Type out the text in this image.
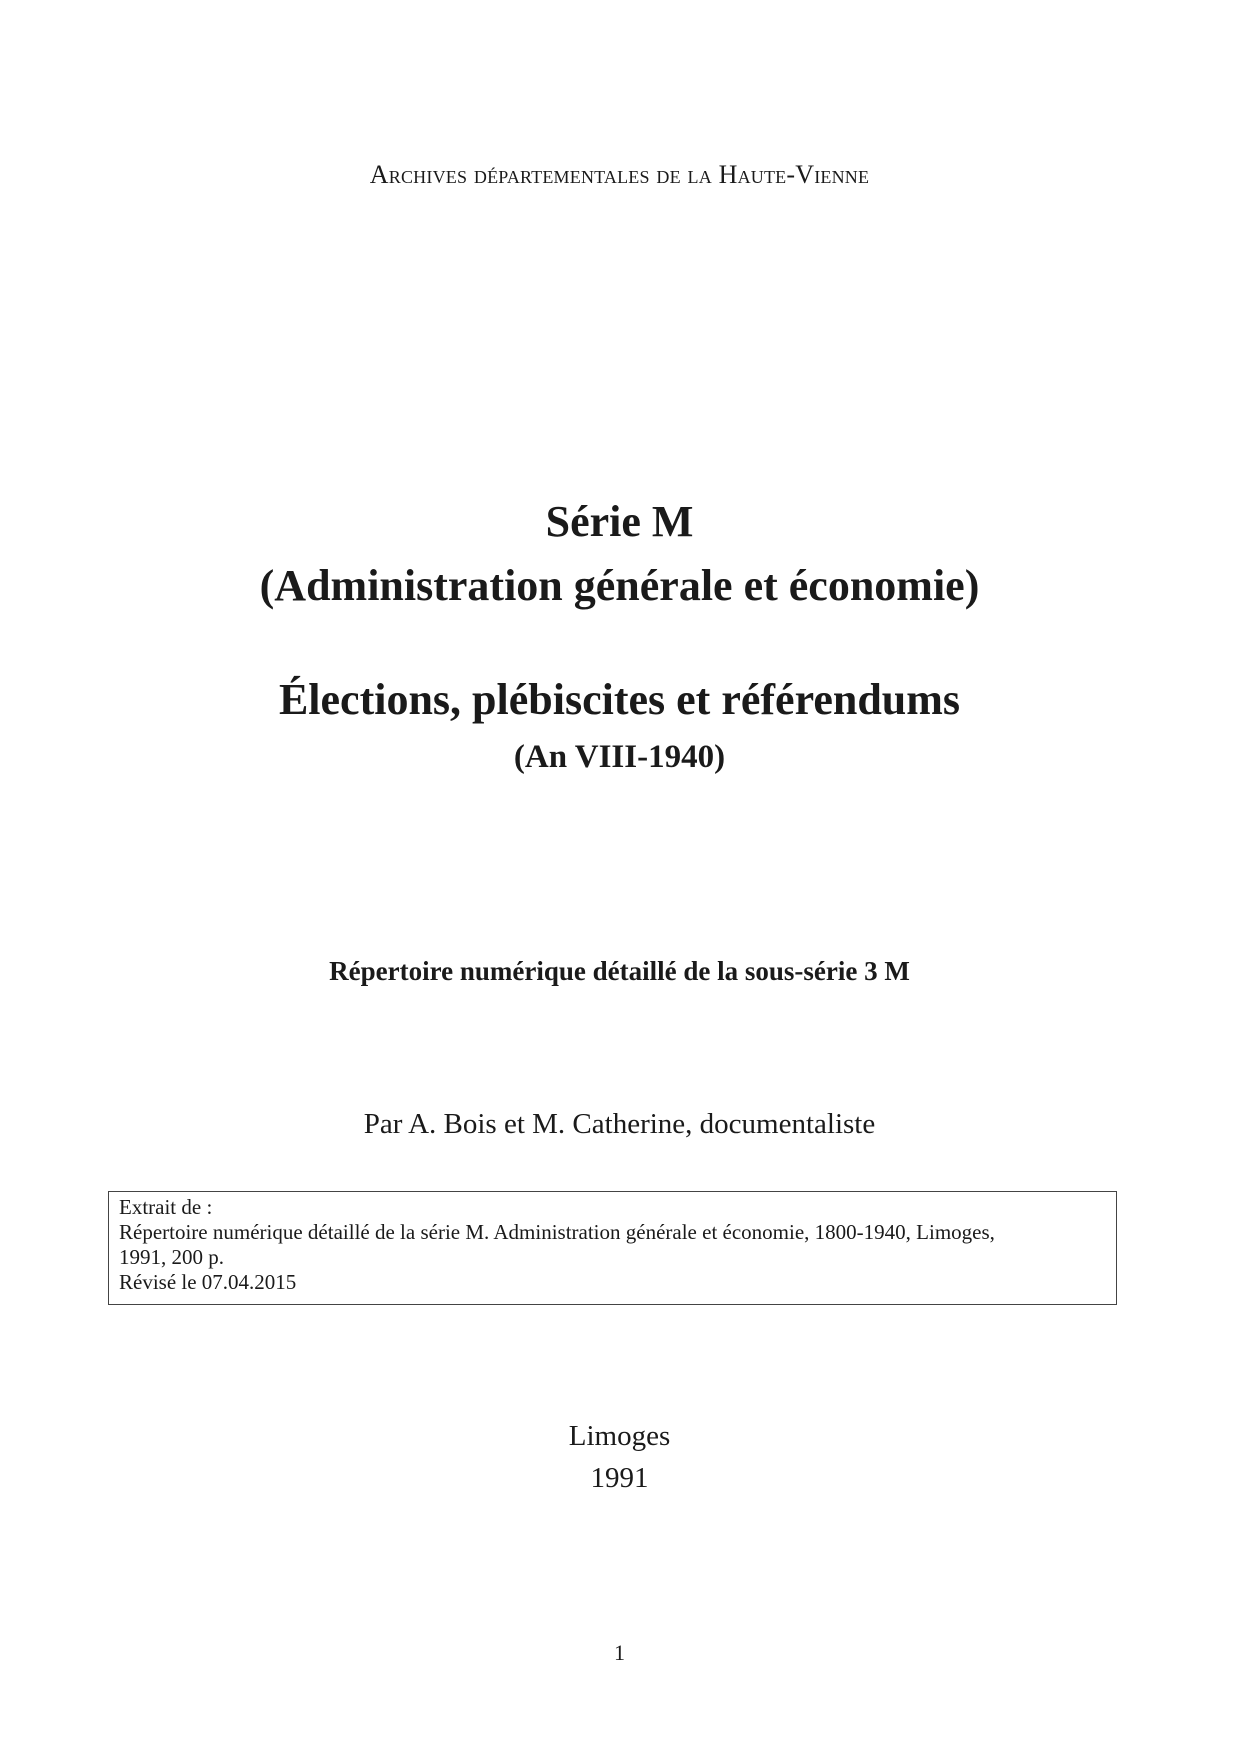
Archives départementales de la Haute-Vienne

Série M

(Administration générale et économie)

Élections, plébiscites et référendums

(An VIII-1940)

Répertoire numérique détaillé de la sous-série 3 M
Par A. Bois et M. Catherine, documentaliste
Extrait de :
Répertoire numérique détaillé de la série M. Administration générale et économie, 1800-1940, Limoges,
1991, 200 p.
Révisé le 07.04.2015
Limoges
1991
1
